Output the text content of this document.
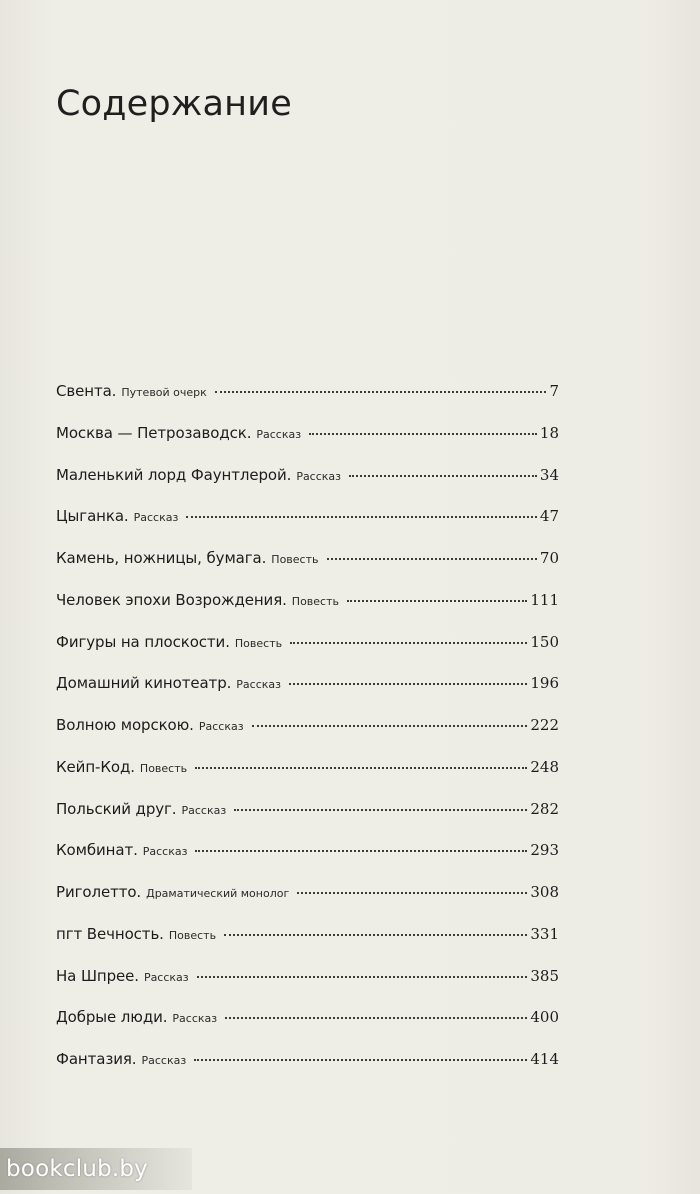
Содержание
Свента. Путевой очерк	7
Москва — Петрозаводск. Рассказ	18
Маленький лорд Фаунтлерой. Рассказ	34
Цыганка. Рассказ	47
Камень, ножницы, бумага. Повесть	70
Человек эпохи Возрождения. Повесть	111
Фигуры на плоскости. Повесть	150
Домашний кинотеатр. Рассказ	196
Волною морскою. Рассказ	222
Кейп-Код. Повесть	248
Польский друг. Рассказ	282
Комбинат. Рассказ	293
Риголетто. Драматический монолог	308
пгт Вечность. Повесть	331
На Шпрее. Рассказ	385
Добрые люди. Рассказ	400
Фантазия. Рассказ	414
bookclub.by
